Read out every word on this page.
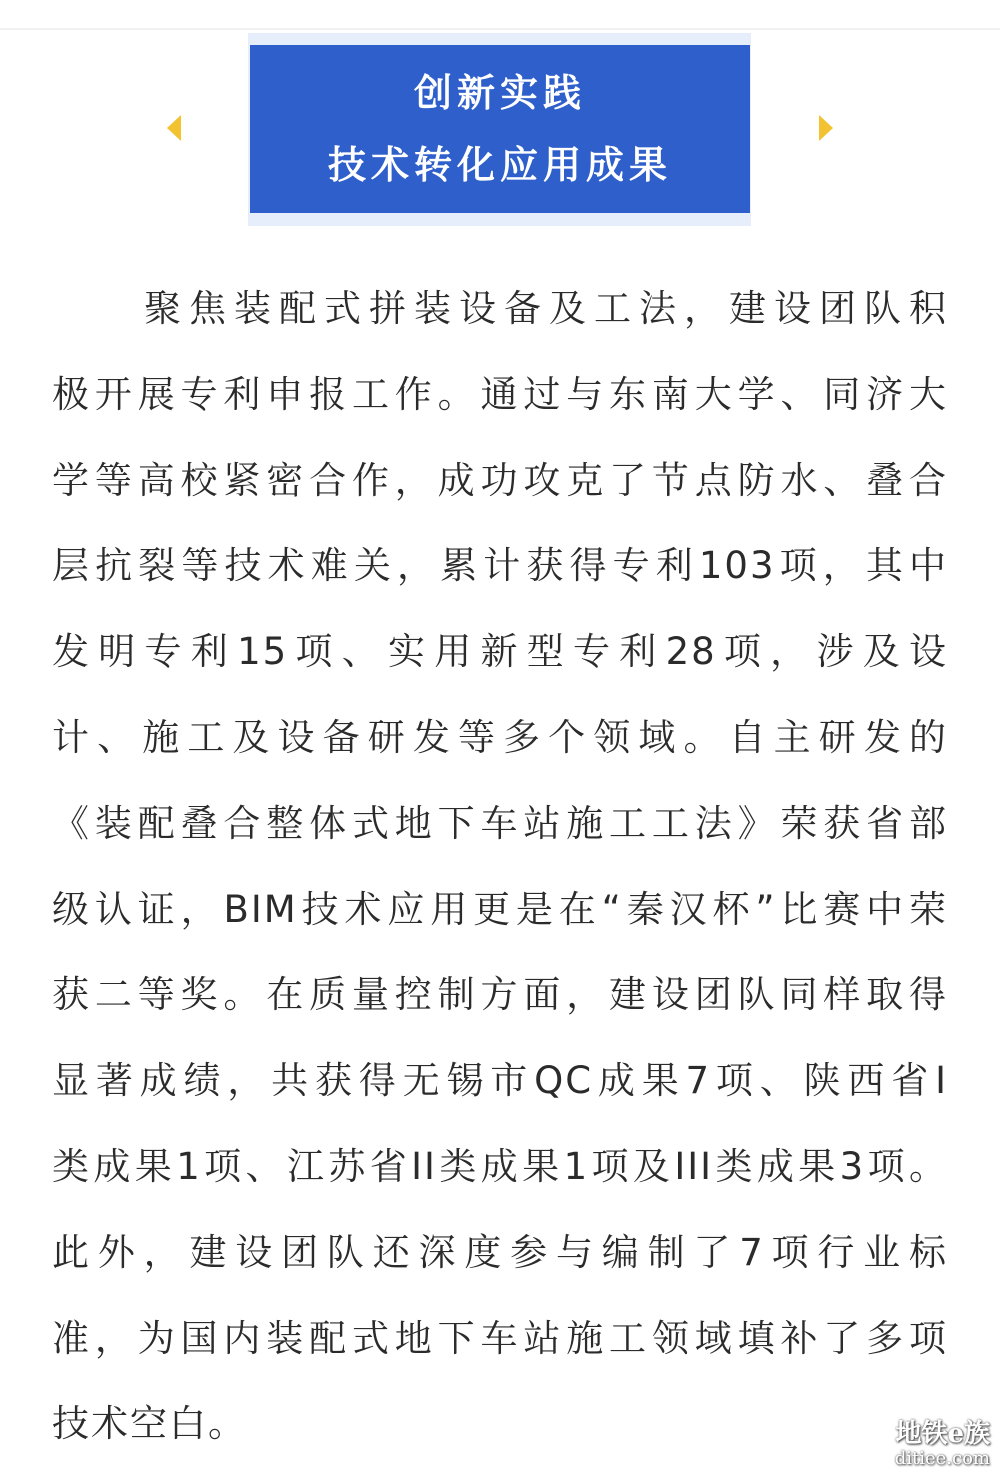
创新实践
技术转化应用成果
聚焦装配式拼装设备及工法，建设团队积
极开展专利申报工作。通过与东南大学、同济大
学等高校紧密合作，成功攻克了节点防水、叠合
层抗裂等技术难关，累计获得专利103项，其中
发明专利15项、实用新型专利28项，涉及设
计、施工及设备研发等多个领域。自主研发的
《装配叠合整体式地下车站施工工法》荣获省部
级认证，BIM技术应用更是在“秦汉杯”比赛中荣
获二等奖。在质量控制方面，建设团队同样取得
显著成绩，共获得无锡市QC成果7项、陕西省I
类成果1项、江苏省II类成果1项及III类成果3项。
此外，建设团队还深度参与编制了7项行业标
准，为国内装配式地下车站施工领域填补了多项
技术空白。	地铁e族
ditiee.com
